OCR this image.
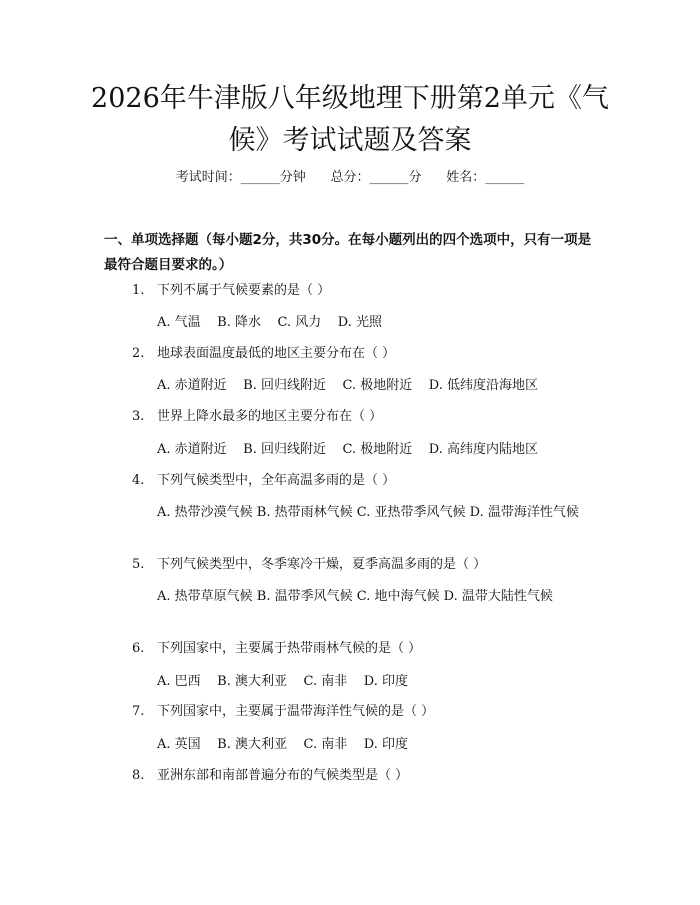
2026年牛津版八年级地理下册第2单元《气候》考试试题及答案
考试时间：______分钟      总分：______分      姓名：______
一、单项选择题（每小题2分，共30分。在每小题列出的四个选项中，只有一项是最符合题目要求的。）
1. 下列不属于气候要素的是（ ）
A. 气温    B. 降水    C. 风力    D. 光照
2. 地球表面温度最低的地区主要分布在（ ）
A. 赤道附近    B. 回归线附近    C. 极地附近    D. 低纬度沿海地区
3. 世界上降水最多的地区主要分布在（ ）
A. 赤道附近    B. 回归线附近    C. 极地附近    D. 高纬度内陆地区
4. 下列气候类型中，全年高温多雨的是（ ）
A. 热带沙漠气候 B. 热带雨林气候 C. 亚热带季风气候 D. 温带海洋性气候
5. 下列气候类型中，冬季寒冷干燥，夏季高温多雨的是（ ）
A. 热带草原气候 B. 温带季风气候 C. 地中海气候 D. 温带大陆性气候
6. 下列国家中，主要属于热带雨林气候的是（ ）
A. 巴西    B. 澳大利亚    C. 南非    D. 印度
7. 下列国家中，主要属于温带海洋性气候的是（ ）
A. 英国    B. 澳大利亚    C. 南非    D. 印度
8. 亚洲东部和南部普遍分布的气候类型是（ ）
